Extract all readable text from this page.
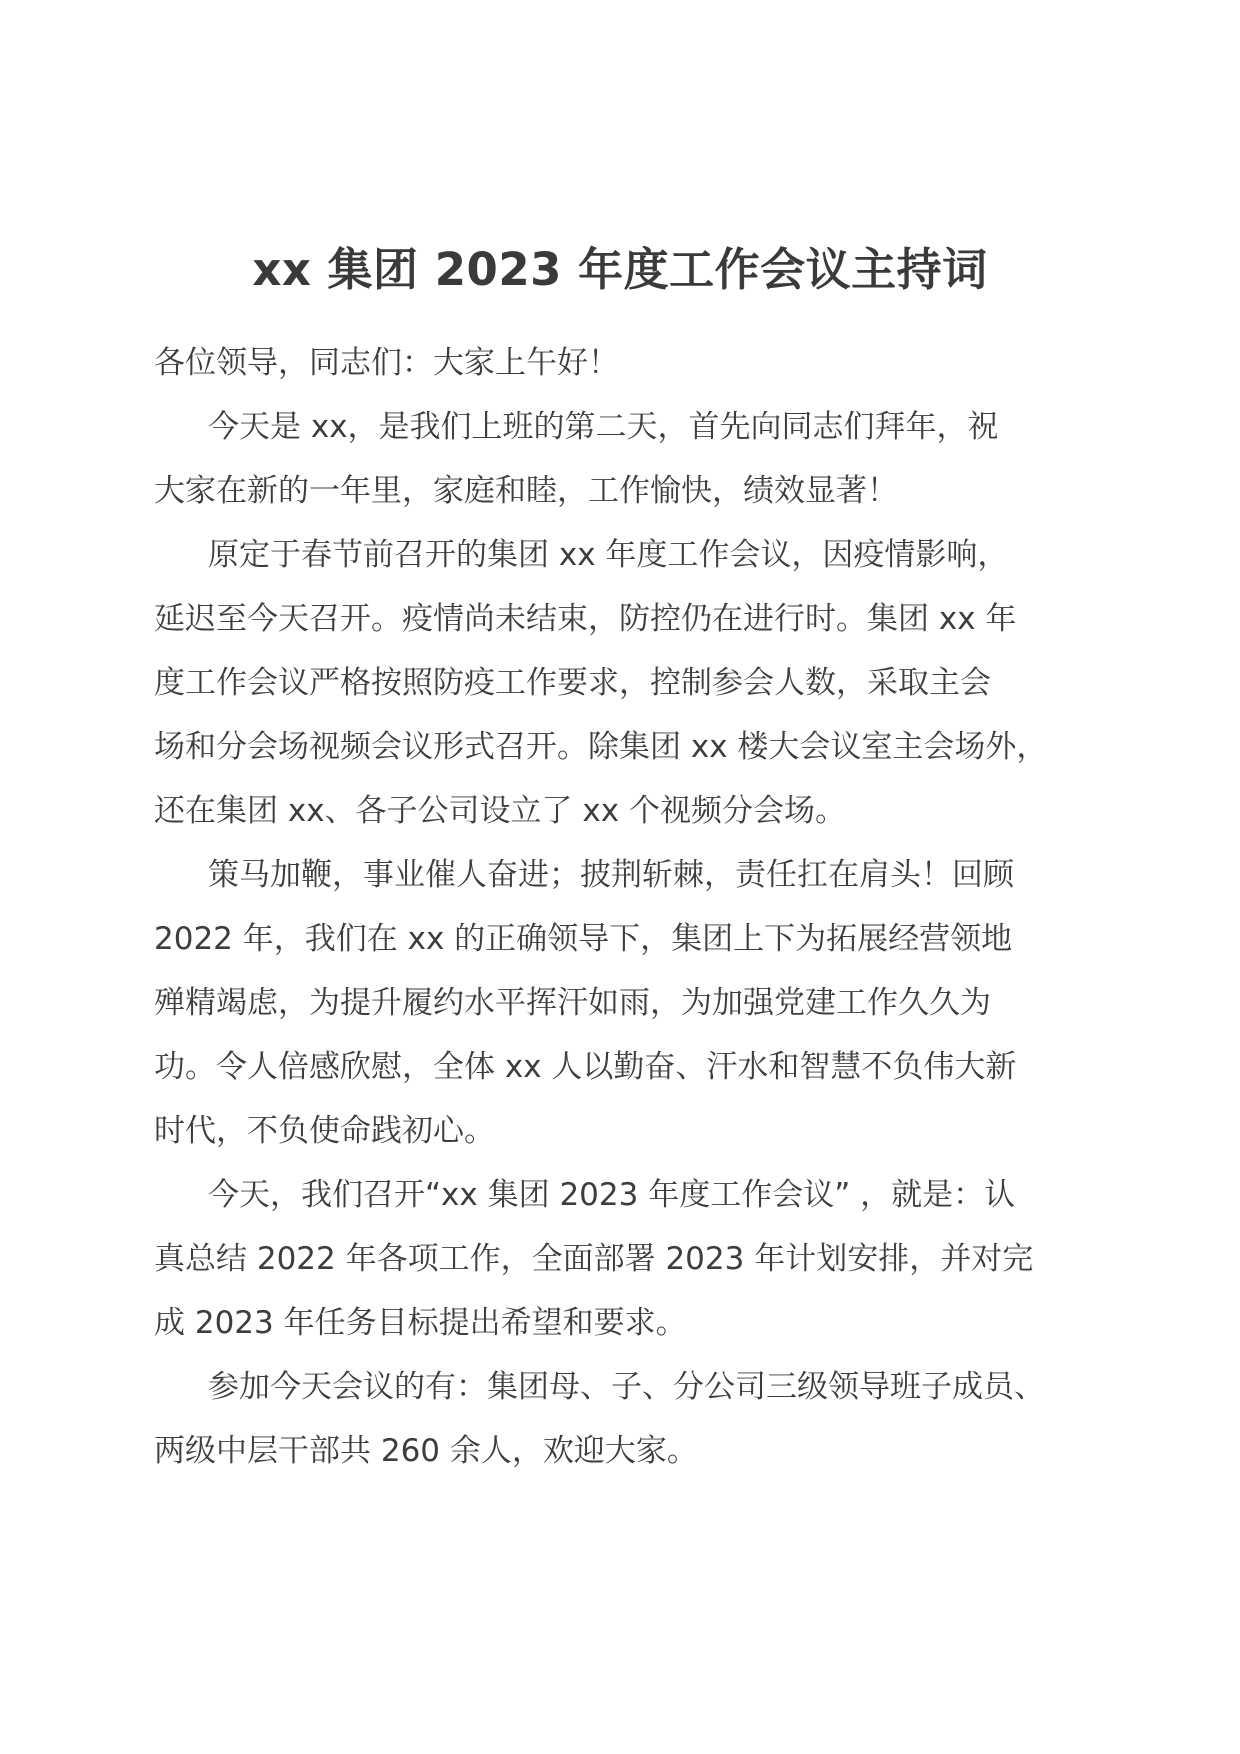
xx 集团 2023 年度工作会议主持词
各位领导，同志们：大家上午好！
今天是 xx，是我们上班的第二天，首先向同志们拜年，祝
大家在新的一年里，家庭和睦，工作愉快，绩效显著！
原定于春节前召开的集团 xx 年度工作会议，因疫情影响，
延迟至今天召开。疫情尚未结束，防控仍在进行时。集团 xx 年
度工作会议严格按照防疫工作要求，控制参会人数，采取主会
场和分会场视频会议形式召开。除集团 xx 楼大会议室主会场外，
还在集团 xx、各子公司设立了 xx 个视频分会场。
策马加鞭，事业催人奋进；披荆斩棘，责任扛在肩头！回顾
2022 年，我们在 xx 的正确领导下，集团上下为拓展经营领地
殚精竭虑，为提升履约水平挥汗如雨，为加强党建工作久久为
功。令人倍感欣慰，全体 xx 人以勤奋、汗水和智慧不负伟大新
时代，不负使命践初心。
今天，我们召开“xx 集团 2023 年度工作会议” ，就是：认
真总结 2022 年各项工作，全面部署 2023 年计划安排，并对完
成 2023 年任务目标提出希望和要求。
参加今天会议的有：集团母、子、分公司三级领导班子成员、
两级中层干部共 260 余人，欢迎大家。
